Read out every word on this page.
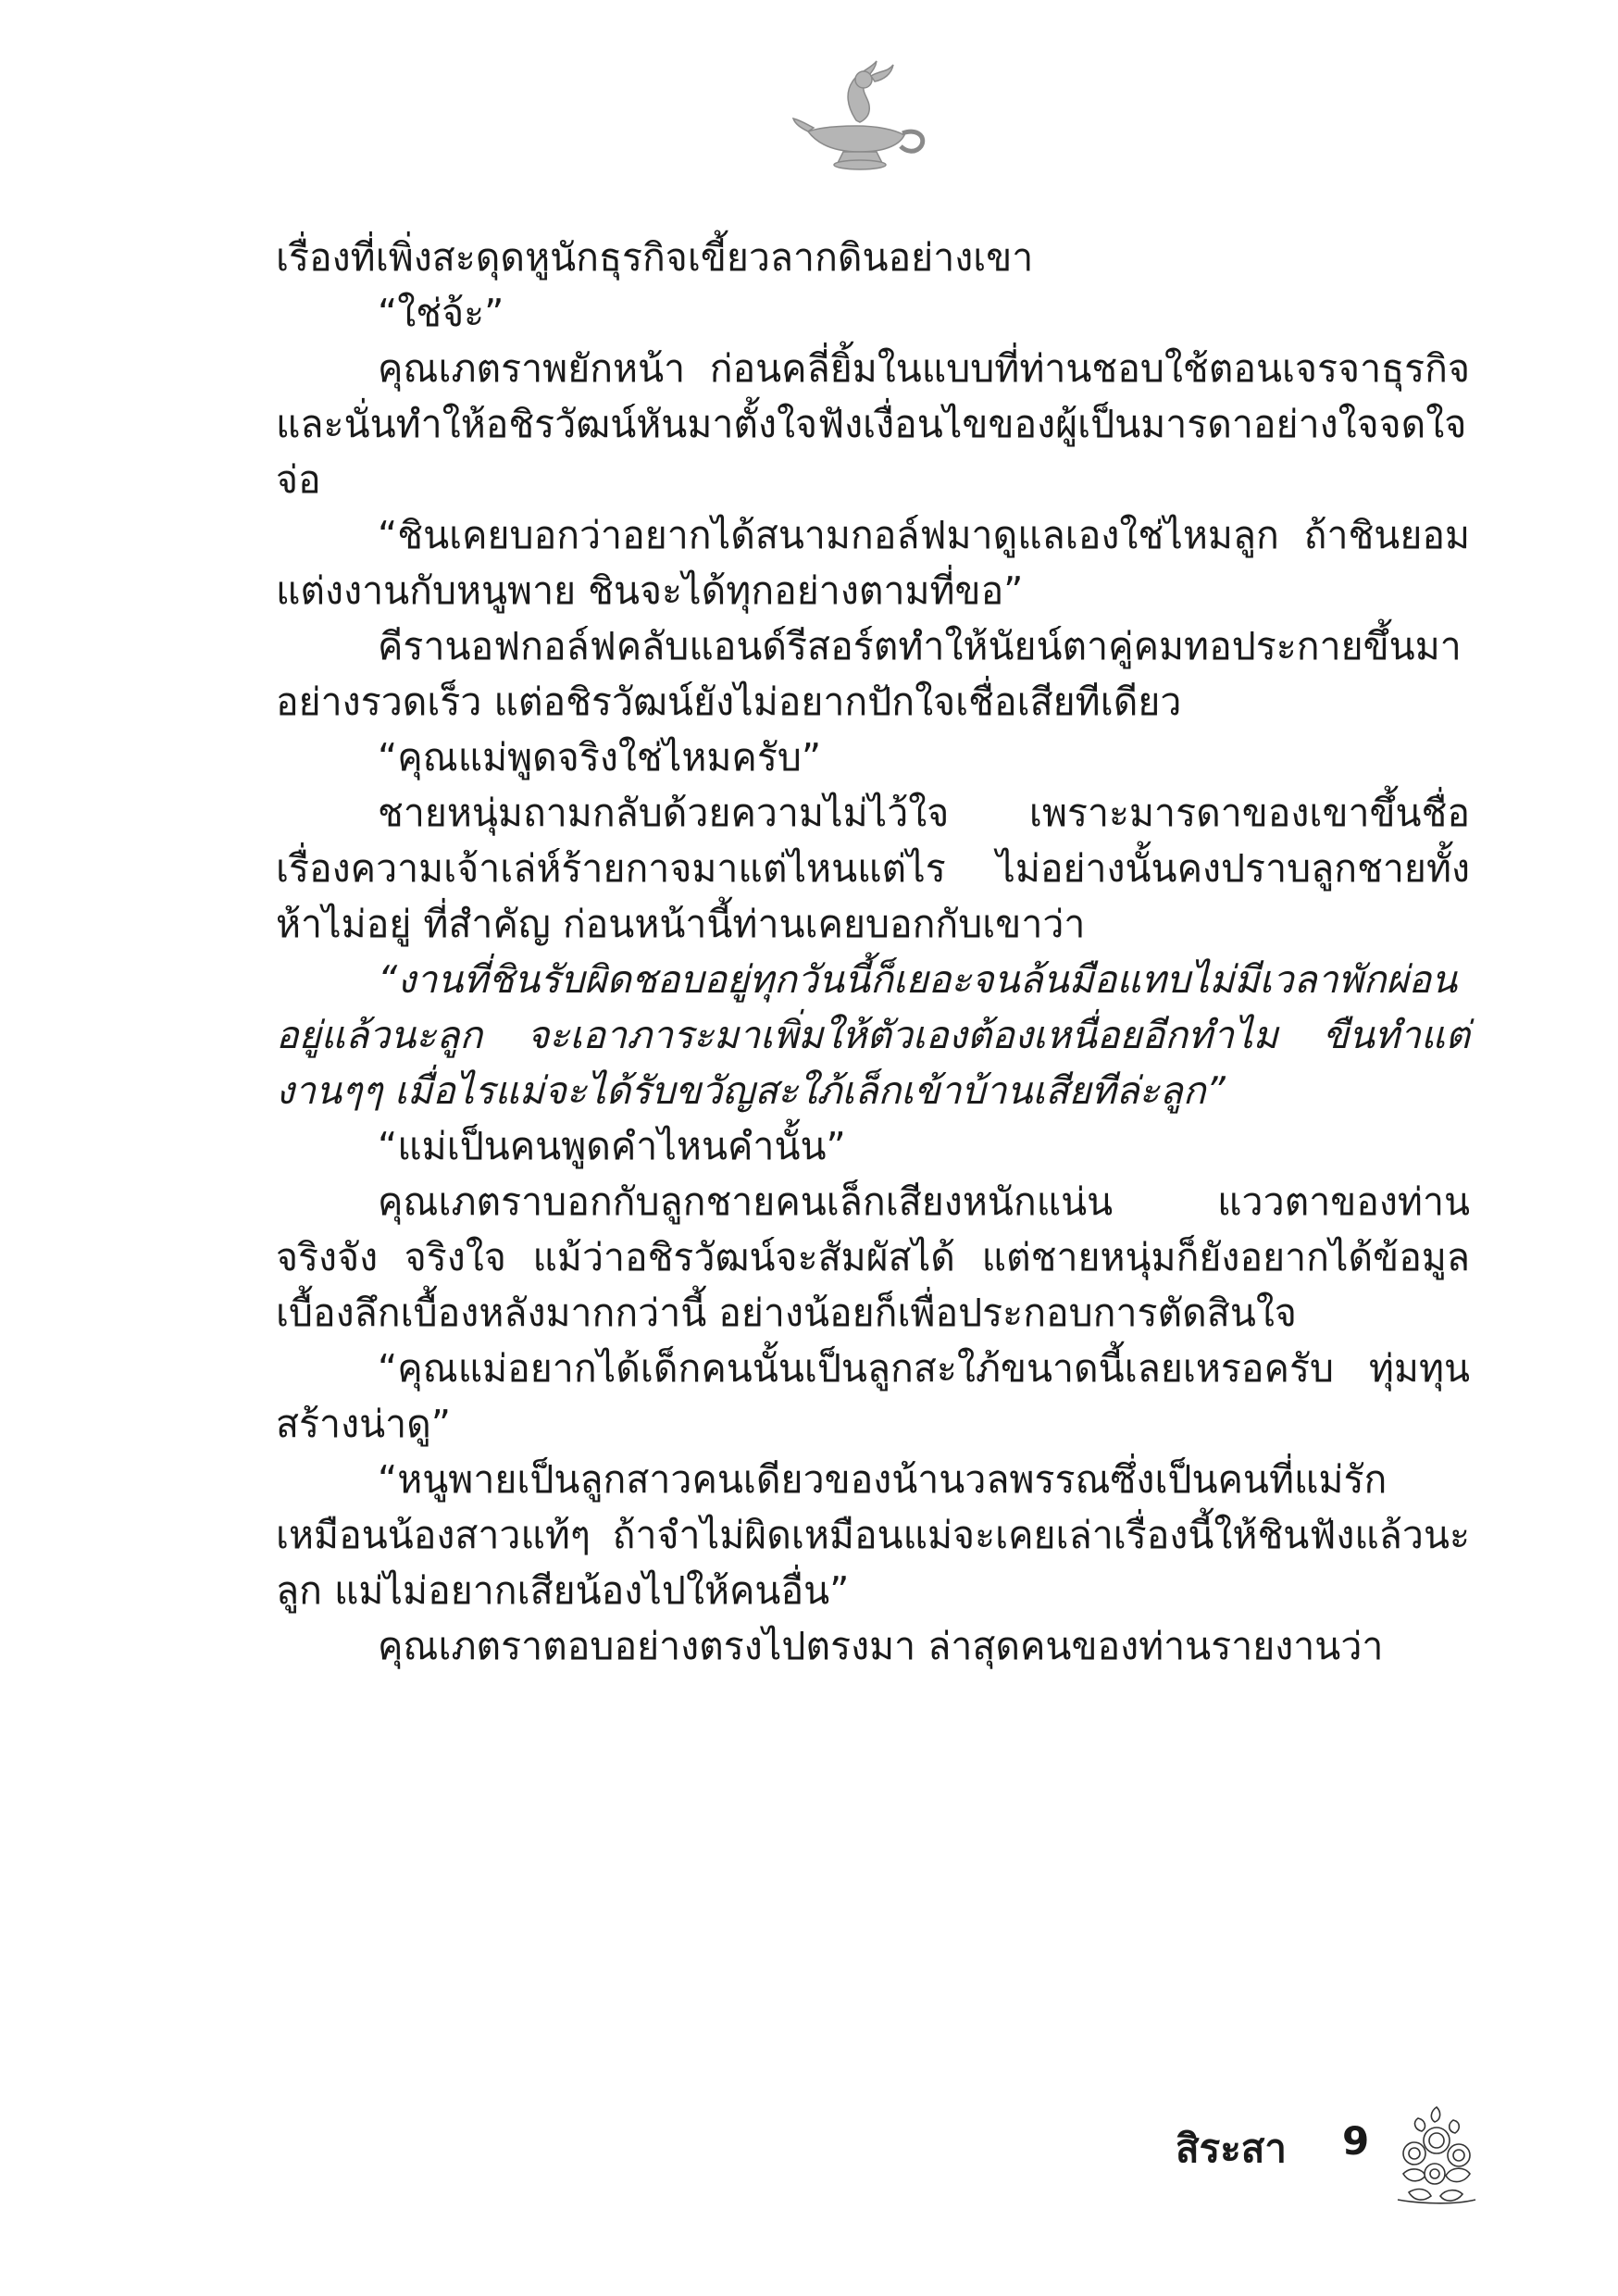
เรื่องที่เพิ่งสะดุดหูนักธุรกิจเขี้ยวลากดินอย่างเขา

“ใช่จ้ะ”

คุณเภตราพยักหน้า ก่อนคลี่ยิ้มในแบบที่ท่านชอบใช้ตอนเจรจาธุรกิจ และนั่นทำให้อชิรวัฒน์หันมาตั้งใจฟังเงื่อนไขของผู้เป็นมารดาอย่างใจจดใจจ่อ

“ชินเคยบอกว่าอยากได้สนามกอล์ฟมาดูแลเองใช่ไหมลูก ถ้าชินยอมแต่งงานกับหนูพาย ชินจะได้ทุกอย่างตามที่ขอ”

คีรานอฟกอล์ฟคลับแอนด์รีสอร์ตทำให้นัยน์ตาคู่คมทอประกายขึ้นมาอย่างรวดเร็ว แต่อชิรวัฒน์ยังไม่อยากปักใจเชื่อเสียทีเดียว

“คุณแม่พูดจริงใช่ไหมครับ”

ชายหนุ่มถามกลับด้วยความไม่ไว้ใจ เพราะมารดาของเขาขึ้นชื่อเรื่องความเจ้าเล่ห์ร้ายกาจมาแต่ไหนแต่ไร ไม่อย่างนั้นคงปราบลูกชายทั้งห้าไม่อยู่ ที่สำคัญ ก่อนหน้านี้ท่านเคยบอกกับเขาว่า

“งานที่ชินรับผิดชอบอยู่ทุกวันนี้ก็เยอะจนล้นมือแทบไม่มีเวลาพักผ่อนอยู่แล้วนะลูก จะเอาภาระมาเพิ่มให้ตัวเองต้องเหนื่อยอีกทำไม ขืนทำแต่งานๆๆ เมื่อไรแม่จะได้รับขวัญสะใภ้เล็กเข้าบ้านเสียทีล่ะลูก”

“แม่เป็นคนพูดคำไหนคำนั้น”

คุณเภตราบอกกับลูกชายคนเล็กเสียงหนักแน่น แววตาของท่านจริงจัง จริงใจ แม้ว่าอชิรวัฒน์จะสัมผัสได้ แต่ชายหนุ่มก็ยังอยากได้ข้อมูลเบื้องลึกเบื้องหลังมากกว่านี้ อย่างน้อยก็เพื่อประกอบการตัดสินใจ

“คุณแม่อยากได้เด็กคนนั้นเป็นลูกสะใภ้ขนาดนี้เลยเหรอครับ ทุ่มทุนสร้างน่าดู”

“หนูพายเป็นลูกสาวคนเดียวของน้านวลพรรณซึ่งเป็นคนที่แม่รักเหมือนน้องสาวแท้ๆ ถ้าจำไม่ผิดเหมือนแม่จะเคยเล่าเรื่องนี้ให้ชินฟังแล้วนะลูก แม่ไม่อยากเสียน้องไปให้คนอื่น”

คุณเภตราตอบอย่างตรงไปตรงมา ล่าสุดคนของท่านรายงานว่า

สิระสา 9
